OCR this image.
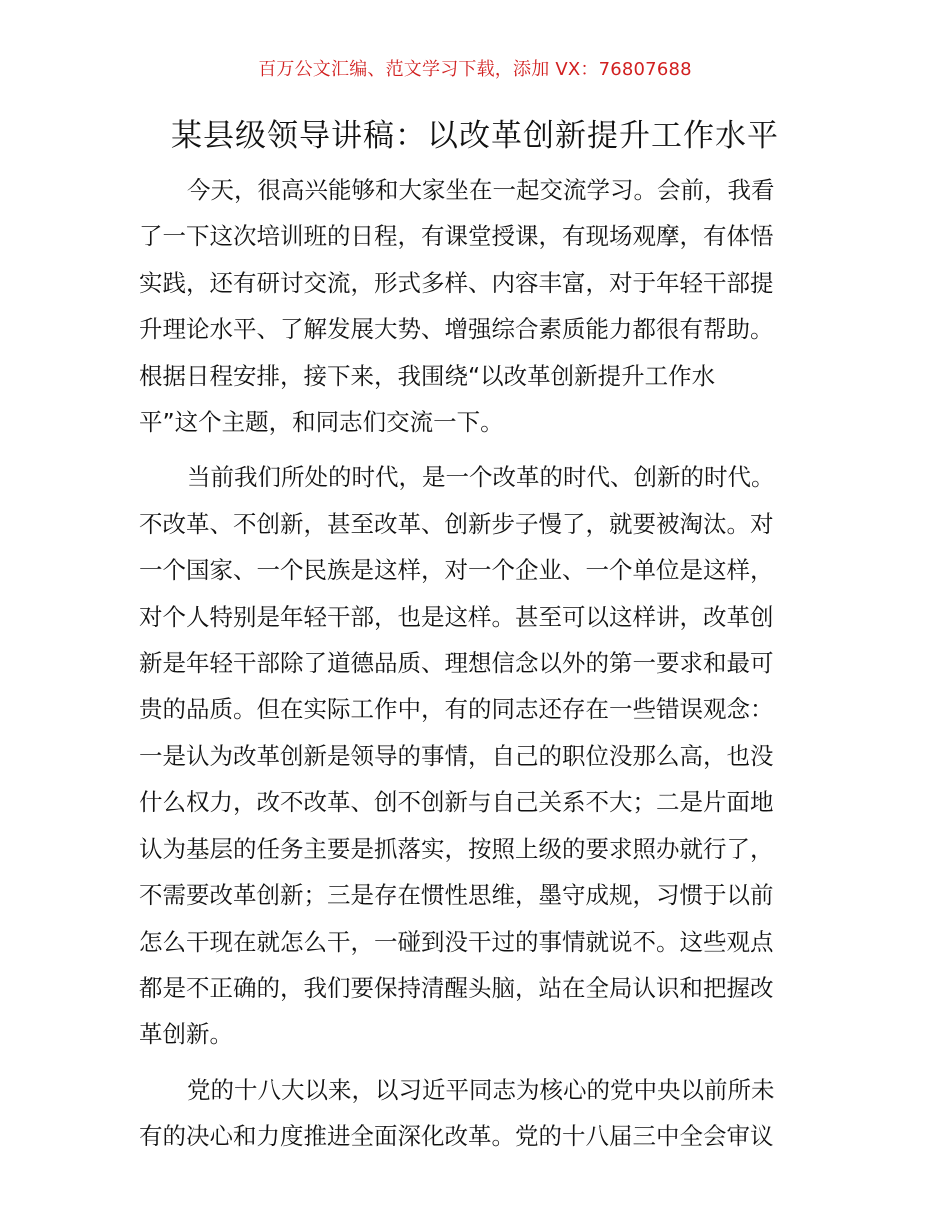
百万公文汇编、范文学习下载，添加 VX：76807688
某县级领导讲稿：以改革创新提升工作水平
今天，很高兴能够和大家坐在一起交流学习。会前，我看
了一下这次培训班的日程，有课堂授课，有现场观摩，有体悟
实践，还有研讨交流，形式多样、内容丰富，对于年轻干部提
升理论水平、了解发展大势、增强综合素质能力都很有帮助。
根据日程安排，接下来，我围绕“以改革创新提升工作水
平”这个主题，和同志们交流一下。
当前我们所处的时代，是一个改革的时代、创新的时代。
不改革、不创新，甚至改革、创新步子慢了，就要被淘汰。对
一个国家、一个民族是这样，对一个企业、一个单位是这样，
对个人特别是年轻干部，也是这样。甚至可以这样讲，改革创
新是年轻干部除了道德品质、理想信念以外的第一要求和最可
贵的品质。但在实际工作中，有的同志还存在一些错误观念：
一是认为改革创新是领导的事情，自己的职位没那么高，也没
什么权力，改不改革、创不创新与自己关系不大；二是片面地
认为基层的任务主要是抓落实，按照上级的要求照办就行了，
不需要改革创新；三是存在惯性思维，墨守成规，习惯于以前
怎么干现在就怎么干，一碰到没干过的事情就说不。这些观点
都是不正确的，我们要保持清醒头脑，站在全局认识和把握改
革创新。
党的十八大以来，以习近平同志为核心的党中央以前所未
有的决心和力度推进全面深化改革。党的十八届三中全会审议
